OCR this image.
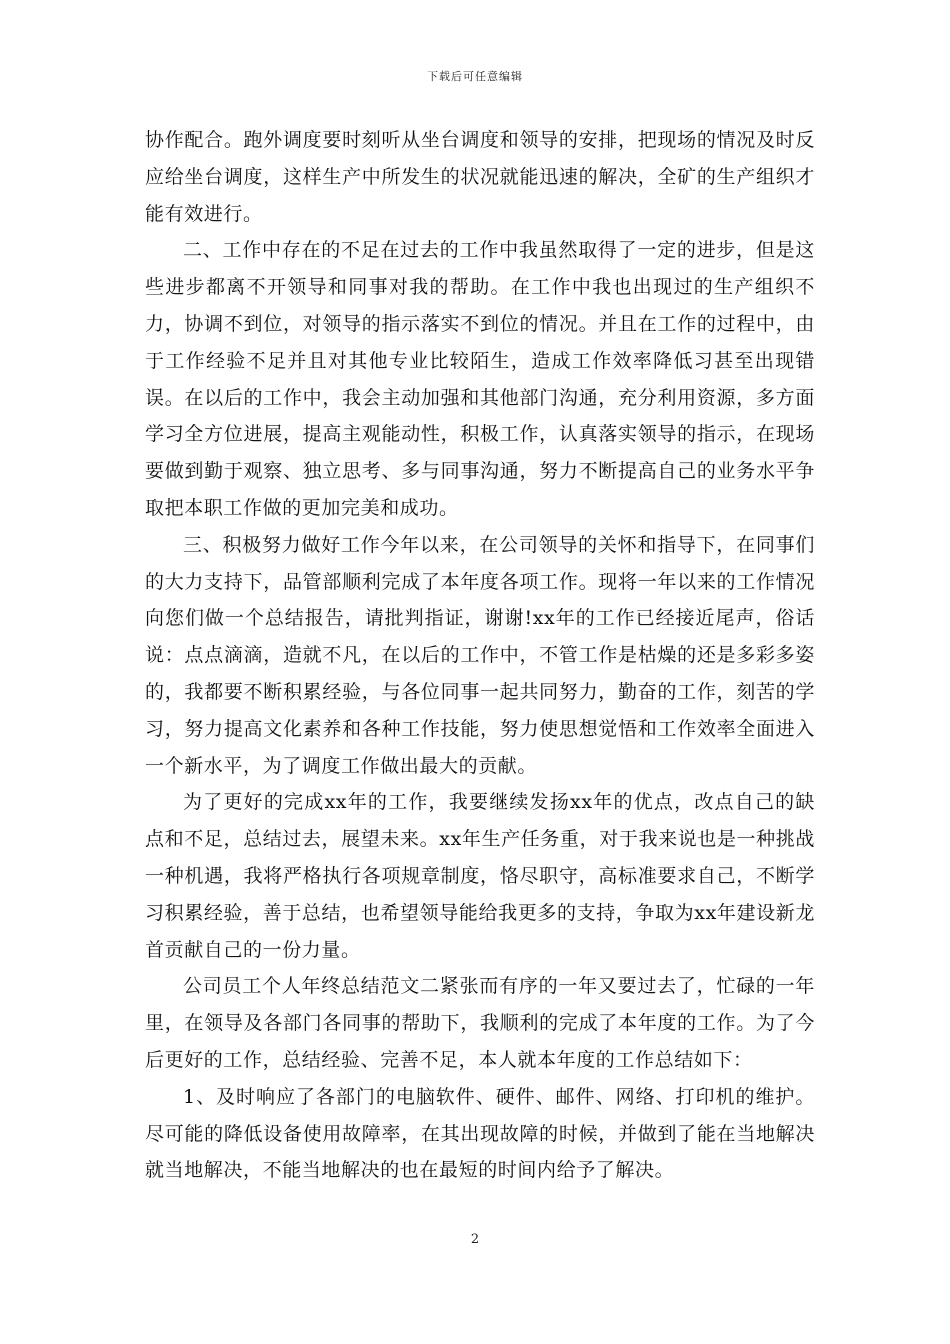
下载后可任意编辑

协作配合。跑外调度要时刻听从坐台调度和领导的安排，把现场的情况及时反应给坐台调度，这样生产中所发生的状况就能迅速的解决，全矿的生产组织才能有效进行。

二、工作中存在的不足在过去的工作中我虽然取得了一定的进步，但是这些进步都离不开领导和同事对我的帮助。在工作中我也出现过的生产组织不力，协调不到位，对领导的指示落实不到位的情况。并且在工作的过程中，由于工作经验不足并且对其他专业比较陌生，造成工作效率降低习甚至出现错误。在以后的工作中，我会主动加强和其他部门沟通，充分利用资源，多方面学习全方位进展，提高主观能动性，积极工作，认真落实领导的指示，在现场要做到勤于观察、独立思考、多与同事沟通，努力不断提高自己的业务水平争取把本职工作做的更加完美和成功。

三、积极努力做好工作今年以来，在公司领导的关怀和指导下，在同事们的大力支持下，品管部顺利完成了本年度各项工作。现将一年以来的工作情况向您们做一个总结报告，请批判指证，谢谢!xx年的工作已经接近尾声，俗话说：点点滴滴，造就不凡，在以后的工作中，不管工作是枯燥的还是多彩多姿的，我都要不断积累经验，与各位同事一起共同努力，勤奋的工作，刻苦的学习，努力提高文化素养和各种工作技能，努力使思想觉悟和工作效率全面进入一个新水平，为了调度工作做出最大的贡献。

为了更好的完成xx年的工作，我要继续发扬xx年的优点，改点自己的缺点和不足，总结过去，展望未来。xx年生产任务重，对于我来说也是一种挑战一种机遇，我将严格执行各项规章制度，恪尽职守，高标准要求自己，不断学习积累经验，善于总结，也希望领导能给我更多的支持，争取为xx年建设新龙首贡献自己的一份力量。

公司员工个人年终总结范文二紧张而有序的一年又要过去了，忙碌的一年里，在领导及各部门各同事的帮助下，我顺利的完成了本年度的工作。为了今后更好的工作，总结经验、完善不足，本人就本年度的工作总结如下：

1、及时响应了各部门的电脑软件、硬件、邮件、网络、打印机的维护。尽可能的降低设备使用故障率，在其出现故障的时候，并做到了能在当地解决就当地解决，不能当地解决的也在最短的时间内给予了解决。

2
